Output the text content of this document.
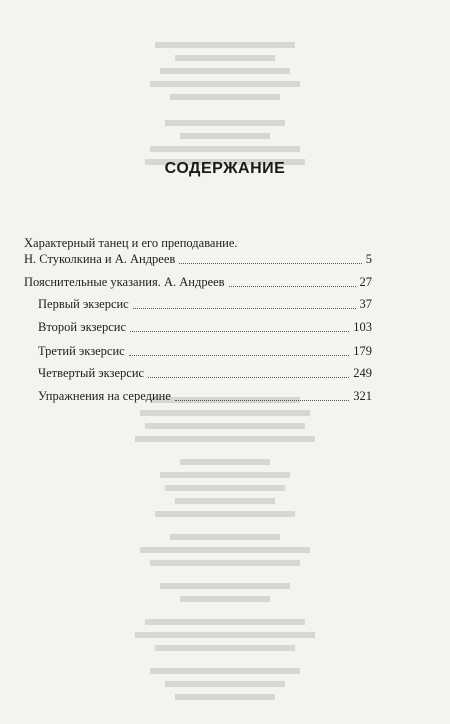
СОДЕРЖАНИЕ
Характерный танец и его преподавание.
Н. Стуколкина и А. Андреев	5
Пояснительные указания. А. Андреев	27
Первый экзерсис	37
Второй экзерсис	103
Третий экзерсис	179
Четвертый экзерсис	249
Упражнения на середине	321
